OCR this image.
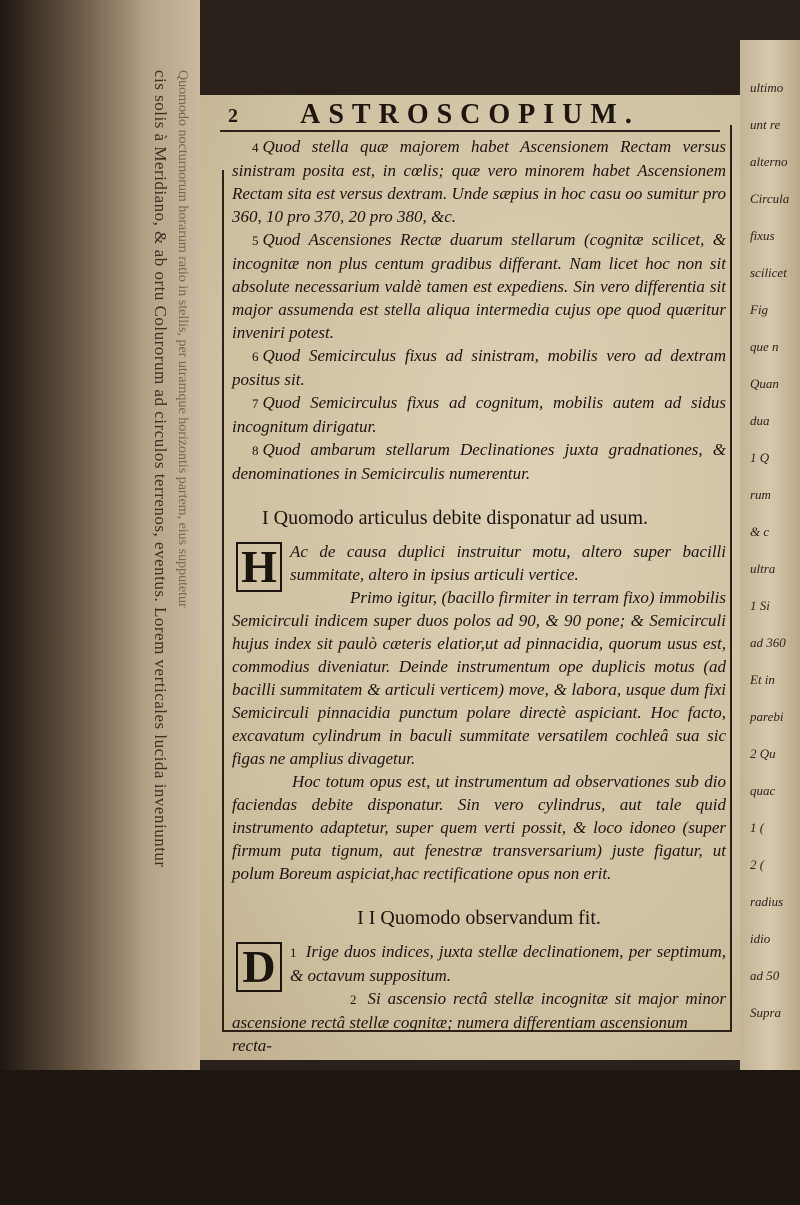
cis solis à Meridiano, & ab ortu Colurorum ad circulos terrenos, eventus. Lorem verticales lucida inveniuntur Quomodo nocturnorum horarum ratio in stellis, per utramque horizontis partem, eius supputetur	ultimo
unt re
alterno
Circula
fixus
scilicet
Fig
que n
Quan
dua
1 Q
rum
& c
ultra
1 Si
ad 360
Et in
parebi
2 Qu
quac
1 (
2 (
radius
idio
ad 50
Supra
2	ASTROSCOPIUM.

4 Quod stella quæ majorem habet Ascensionem Rectam versus sinistram posita est, in cœlis; quæ vero minorem habet Ascensionem Rectam sita est versus dextram. Unde sæpius in hoc casu oo sumitur pro 360, 10 pro 370, 20 pro 380, &c.

5 Quod Ascensiones Rectæ duarum stellarum (cognitæ scilicet, & incognitæ non plus centum gradibus differant. Nam licet hoc non sit absolute necessarium valdè tamen est expediens. Sin vero differentia sit major assumenda est stella aliqua intermedia cujus ope quod quæritur inveniri potest.

6 Quod Semicirculus fixus ad sinistram, mobilis vero ad dextram positus sit.

7 Quod Semicirculus fixus ad cognitum, mobilis autem ad sidus incognitum dirigatur.

8 Quod ambarum stellarum Declinationes juxta gradnationes, & denominationes in Semicirculis numerentur.

I Quomodo articulus debite disponatur ad usum.

H Ac de causa duplici instruitur motu, altero super bacilli summitate, altero in ipsius articuli vertice.

Primo igitur, (bacillo firmiter in terram fixo) immobilis Semicirculi indicem super duos polos ad 90, & 90 pone; & Semicirculi hujus index sit paulò cæteris elatior,ut ad pinnacidia, quorum usus est, commodius diveniatur. Deinde instrumentum ope duplicis motus (ad bacilli summitatem & articuli verticem) move, & labora, usque dum fixi Semicirculi pinnacidia punctum polare directè aspiciant. Hoc facto, excavatum cylindrum in baculi summitate versatilem cochleâ sua sic figas ne amplius divagetur.

Hoc totum opus est, ut instrumentum ad observationes sub dio faciendas debite disponatur. Sin vero cylindrus, aut tale quid instrumento adaptetur, super quem verti possit, & loco idoneo (super firmum puta tignum, aut fenestræ transversarium) juste figatur, ut polum Boreum aspiciat,hac rectificatione opus non erit.

I I Quomodo observandum fit.

1
D	Irige duos indices, juxta stellæ declinationem, per septimum, & octavum suppositum.

2 Si ascensio rectâ stellæ incognitæ sit major minor ascensione rectâ stellæ cognitæ; numera differentiam ascensionum

recta-
